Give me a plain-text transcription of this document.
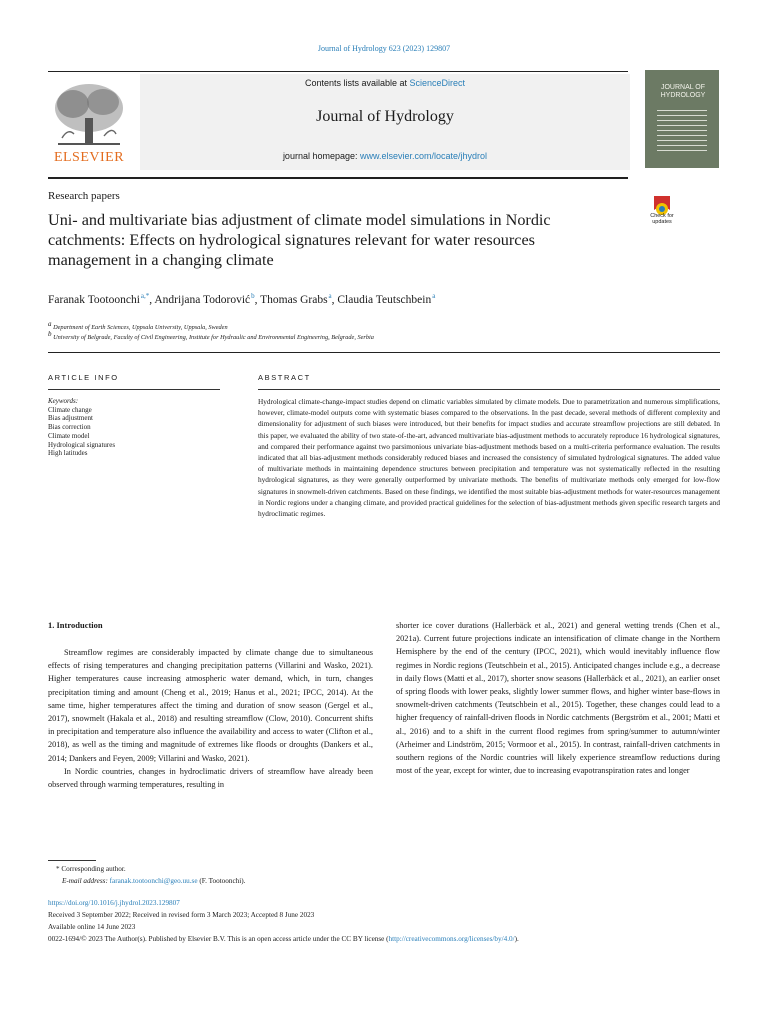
Journal of Hydrology 623 (2023) 129807
ELSEVIER
Contents lists available at ScienceDirect
Journal of Hydrology
journal homepage: www.elsevier.com/locate/jhydrol
JOURNAL OF HYDROLOGY
Research papers
Uni- and multivariate bias adjustment of climate model simulations in Nordic catchments: Effects on hydrological signatures relevant for water resources management in a changing climate
Check for
updates
Faranak Tootoonchi $^{a,*}$, Andrijana Todorović $^b$, Thomas Grabs $^a$, Claudia Teutschbein $^a$
$^a$ Department of Earth Sciences, Uppsala University, Uppsala, Sweden
$^b$ University of Belgrade, Faculty of Civil Engineering, Institute for Hydraulic and Environmental Engineering, Belgrade, Serbia
ARTICLE INFO
Keywords:
Climate change
Bias adjustment
Bias correction
Climate model
Hydrological signatures
High latitudes
ABSTRACT
Hydrological climate-change-impact studies depend on climatic variables simulated by climate models. Due to parametrization and numerous simplifications, however, climate-model outputs come with systematic biases compared to the observations. In the past decade, several methods of different complexity and dimensionality for adjustment of such biases were introduced, but their benefits for impact studies and accurate streamflow projections are still debated. In this paper, we evaluated the ability of two state-of-the-art, advanced multivariate bias-adjustment methods to accurately reproduce 16 hydrological signatures, and compared their performance against two parsimonious univariate bias-adjustment methods based on a multi-criteria performance evaluation. The results indicated that all bias-adjustment methods considerably reduced biases and increased the consistency of simulated hydrological signatures. The added value of multivariate methods in maintaining dependence structures between precipitation and temperature was not systematically reflected in the resulting hydrological signatures, as they were generally outperformed by univariate methods. The benefits of multivariate methods only emerged for low-flow signatures in snowmelt-driven catchments. Based on these findings, we identified the most suitable bias-adjustment methods for water-resources management in Nordic regions under a changing climate, and provided practical guidelines for the selection of bias-adjustment methods given specific research targets and hydroclimatic regimes.
1. Introduction
Streamflow regimes are considerably impacted by climate change due to simultaneous effects of rising temperatures and changing precipitation patterns (Villarini and Wasko, 2021). Higher temperatures cause increasing atmospheric water demand, which, in turn, changes precipitation timing and amount (Cheng et al., 2019; Hanus et al., 2021; IPCC, 2014). At the same time, higher temperatures affect the timing and duration of snow season (Gergel et al., 2017), snowmelt (Hakala et al., 2018) and resulting streamflow (Clow, 2010). Concurrent shifts in precipitation and temperature also influence the availability and access to water (Clifton et al., 2018), as well as the timing and magnitude of extremes like floods or droughts (Dankers et al., 2014; Dankers and Feyen, 2009; Villarini and Wasko, 2021).
In Nordic countries, changes in hydroclimatic drivers of streamflow have already been observed through warming temperatures, resulting in
shorter ice cover durations (Hallerbäck et al., 2021) and general wetting trends (Chen et al., 2021a). Current future projections indicate an intensification of climate change in the Northern Hemisphere by the end of the century (IPCC, 2021), which would inevitably influence flow regimes in Nordic regions (Teutschbein et al., 2015). Anticipated changes include e.g., a decrease in daily flows (Matti et al., 2017), shorter snow seasons (Hallerbäck et al., 2021), an earlier onset of spring floods with lower peaks, slightly lower summer flows, and higher winter base-flows in snowmelt-driven catchments (Teutschbein et al., 2015). Together, these changes could lead to a higher frequency of rainfall-driven floods in Nordic catchments (Bergström et al., 2001; Matti et al., 2016) and to a shift in the current flood regimes from spring/summer to autumn/winter (Arheimer and Lindström, 2015; Vormoor et al., 2015). In contrast, rainfall-driven catchments in southern regions of the Nordic countries will likely experience streamflow reductions during most of the year, except for winter, due to increasing evapotranspiration rates and longer
* Corresponding author.
E-mail address: faranak.tootoonchi@geo.uu.se (F. Tootoonchi).
https://doi.org/10.1016/j.jhydrol.2023.129807
Received 3 September 2022; Received in revised form 3 March 2023; Accepted 8 June 2023
Available online 14 June 2023
0022-1694/© 2023 The Author(s). Published by Elsevier B.V. This is an open access article under the CC BY license (http://creativecommons.org/licenses/by/4.0/).
